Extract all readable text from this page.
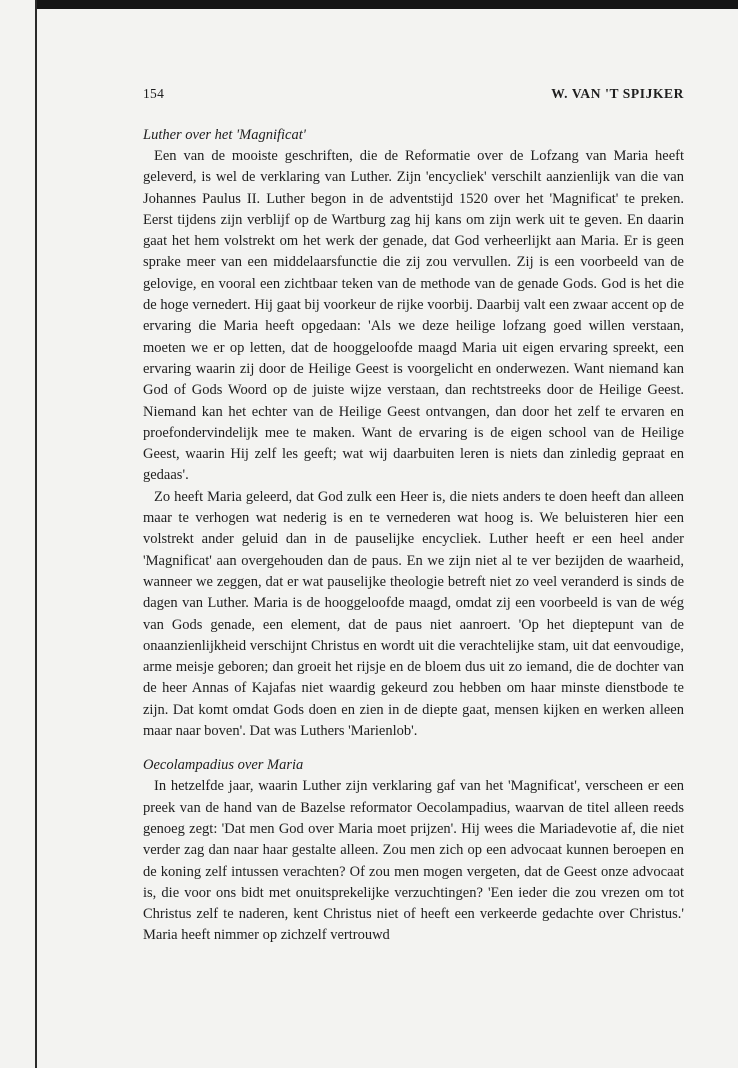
154	W. VAN 'T SPIJKER
Luther over het 'Magnificat'

Een van de mooiste geschriften, die de Reformatie over de Lofzang van Maria heeft geleverd, is wel de verklaring van Luther. Zijn 'encycliek' verschilt aanzienlijk van die van Johannes Paulus II. Luther begon in de adventstijd 1520 over het 'Magnificat' te preken. Eerst tijdens zijn verblijf op de Wartburg zag hij kans om zijn werk uit te geven. En daarin gaat het hem volstrekt om het werk der genade, dat God verheerlijkt aan Maria. Er is geen sprake meer van een middelaarsfunctie die zij zou vervullen. Zij is een voorbeeld van de gelovige, en vooral een zichtbaar teken van de methode van de genade Gods. God is het die de hoge vernedert. Hij gaat bij voorkeur de rijke voorbij. Daarbij valt een zwaar accent op de ervaring die Maria heeft opgedaan: 'Als we deze heilige lofzang goed willen verstaan, moeten we er op letten, dat de hooggeloofde maagd Maria uit eigen ervaring spreekt, een ervaring waarin zij door de Heilige Geest is voorgelicht en onderwezen. Want niemand kan God of Gods Woord op de juiste wijze verstaan, dan rechtstreeks door de Heilige Geest. Niemand kan het echter van de Heilige Geest ontvangen, dan door het zelf te ervaren en proefondervindelijk mee te maken. Want de ervaring is de eigen school van de Heilige Geest, waarin Hij zelf les geeft; wat wij daarbuiten leren is niets dan zinledig gepraat en gedaas'.

Zo heeft Maria geleerd, dat God zulk een Heer is, die niets anders te doen heeft dan alleen maar te verhogen wat nederig is en te vernederen wat hoog is. We beluisteren hier een volstrekt ander geluid dan in de pauselijke encycliek. Luther heeft er een heel ander 'Magnificat' aan overgehouden dan de paus. En we zijn niet al te ver bezijden de waarheid, wanneer we zeggen, dat er wat pauselijke theologie betreft niet zo veel veranderd is sinds de dagen van Luther. Maria is de hooggeloofde maagd, omdat zij een voorbeeld is van de wég van Gods genade, een element, dat de paus niet aanroert. 'Op het dieptepunt van de onaanzienlijkheid verschijnt Christus en wordt uit die verachtelijke stam, uit dat eenvoudige, arme meisje geboren; dan groeit het rijsje en de bloem dus uit zo iemand, die de dochter van de heer Annas of Kajafas niet waardig gekeurd zou hebben om haar minste dienstbode te zijn. Dat komt omdat Gods doen en zien in de diepte gaat, mensen kijken en werken alleen maar naar boven'. Dat was Luthers 'Marienlob'.

Oecolampadius over Maria

In hetzelfde jaar, waarin Luther zijn verklaring gaf van het 'Magnificat', verscheen er een preek van de hand van de Bazelse reformator Oecolampadius, waarvan de titel alleen reeds genoeg zegt: 'Dat men God over Maria moet prijzen'. Hij wees die Mariadevotie af, die niet verder zag dan naar haar gestalte alleen. Zou men zich op een advocaat kunnen beroepen en de koning zelf intussen verachten? Of zou men mogen vergeten, dat de Geest onze advocaat is, die voor ons bidt met onuitsprekelijke verzuchtingen? 'Een ieder die zou vrezen om tot Christus zelf te naderen, kent Christus niet of heeft een verkeerde gedachte over Christus.' Maria heeft nimmer op zichzelf vertrouwd
